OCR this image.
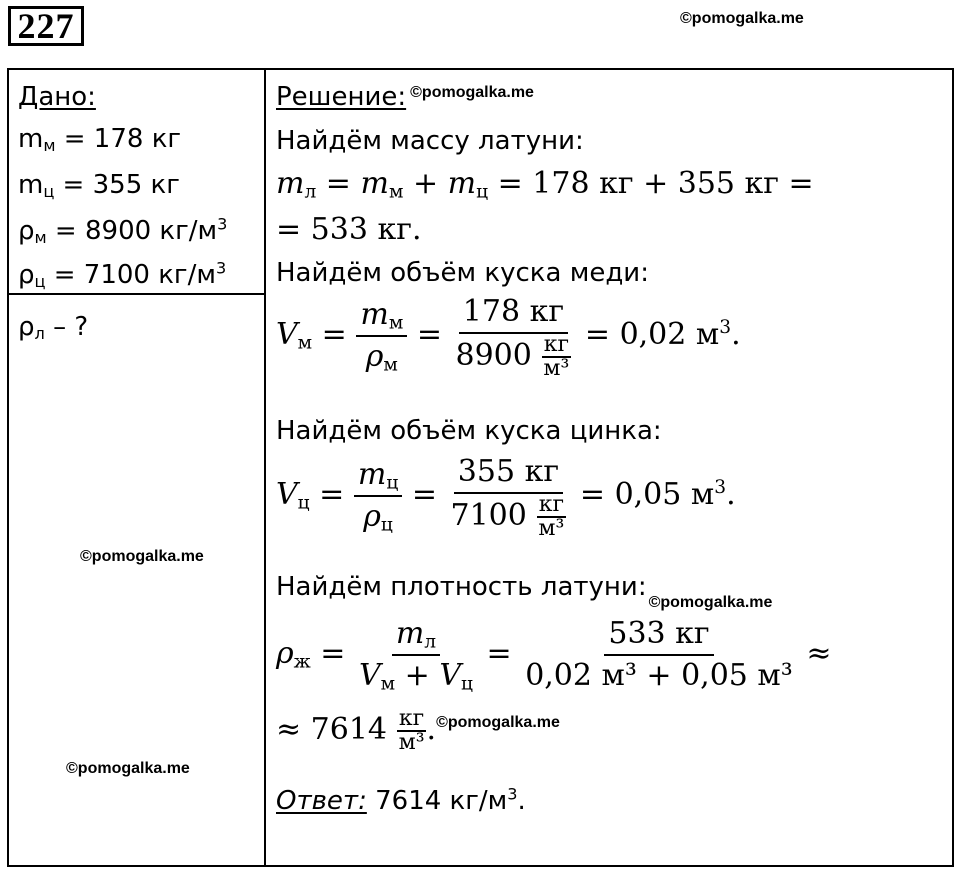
227	©pomogalka.me
Дано:
$m_м = 178$ кг
$m_ц = 355$ кг
$\rho_м = 8900$ $кг/м^3$
$\rho_ц = 7100$ $кг/м^3$
$\rho_л$ – ?
©pomogalka.me
©pomogalka.me
Решение: $^{©pomogalka.me}$
Найдём массу латуни:
$m_л = m_м + m_ц = 178$ кг + 355 кг =
= 533 кг.
Найдём объём куска меди:
$V_м$ =
$m_м$
$\rho_м$
=
178 кг
8900 кг
м³
= 0,02 $м^3$.
Найдём объём куска цинка:
$V_ц$ =
$m_ц$
$\rho_ц$
=
355 кг
7100 кг
м³
= 0,05 $м^3$.
Найдём плотность $латуни:_{©pomogalka.me}$
$\rho_ж$ =
$m_л$
$V_м + V_ц$
=
533 кг
0,02 м³ + 0,05 м³
≈
≈ 7614 кг
м³ .$^{©pomogalka.me}$
Ответ: 7614 $кг/м^3$.
